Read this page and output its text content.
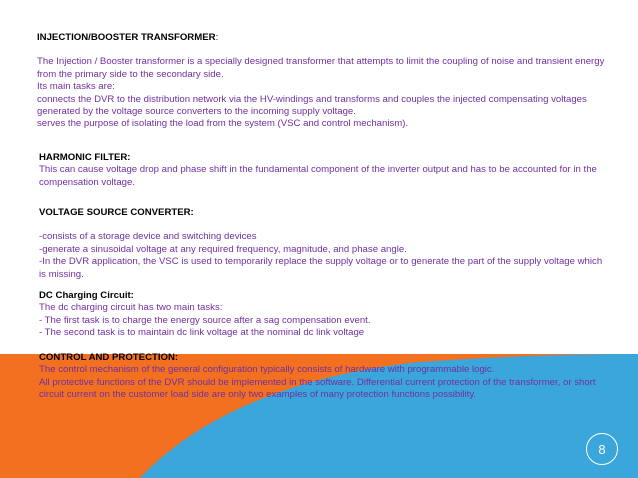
INJECTION/BOOSTER TRANSFORMER:
The Injection / Booster transformer is a specially designed transformer that attempts to limit the coupling of noise and transient energy from the primary side to the secondary side.
Its main tasks are:
connects the DVR to the distribution network via the HV-windings and transforms and couples the injected compensating voltages generated by the voltage source converters to the incoming supply voltage.
serves the purpose of isolating the load from the system (VSC and control mechanism).
HARMONIC FILTER:
This can cause voltage drop and phase shift in the fundamental component of the inverter output and has to be accounted for in the compensation voltage.
VOLTAGE SOURCE CONVERTER:
-consists of a storage device and switching devices
-generate a sinusoidal voltage at any required frequency, magnitude, and phase angle.
-In the DVR application, the VSC is used to temporarily replace the supply voltage or to generate the part of the supply voltage which is missing.
DC Charging Circuit:
The dc charging circuit has two main tasks:
- The first task is to charge the energy source after a sag compensation event.
- The second task is to maintain dc link voltage at the nominal dc link voltage
CONTROL AND PROTECTION:
The control mechanism of the general configuration typically consists of hardware with programmable logic.
All protective functions of the DVR should be implemented in the software. Differential current protection of the transformer, or short circuit current on the customer load side are only two examples of many protection functions possibility.
8
